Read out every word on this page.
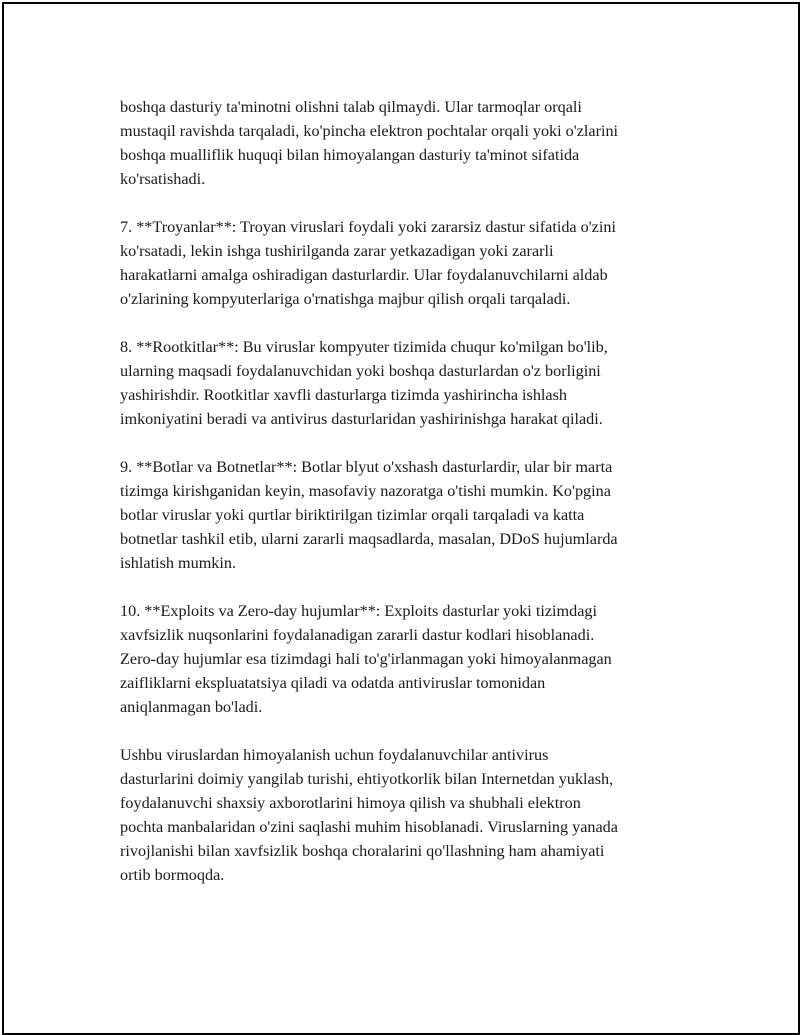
boshqa dasturiy ta'minotni olishni talab qilmaydi. Ular tarmoqlar orqali
mustaqil ravishda tarqaladi, ko'pincha elektron pochtalar orqali yoki o'zlarini
boshqa mualliflik huquqi bilan himoyalangan dasturiy ta'minot sifatida
ko'rsatishadi.

7. **Troyanlar**: Troyan viruslari foydali yoki zararsiz dastur sifatida o'zini
ko'rsatadi, lekin ishga tushirilganda zarar yetkazadigan yoki zararli
harakatlarni amalga oshiradigan dasturlardir. Ular foydalanuvchilarni aldab
o'zlarining kompyuterlariga o'rnatishga majbur qilish orqali tarqaladi.

8. **Rootkitlar**: Bu viruslar kompyuter tizimida chuqur ko'milgan bo'lib,
ularning maqsadi foydalanuvchidan yoki boshqa dasturlardan o'z borligini
yashirishdir. Rootkitlar xavfli dasturlarga tizimda yashirincha ishlash
imkoniyatini beradi va antivirus dasturlaridan yashirinishga harakat qiladi.

9. **Botlar va Botnetlar**: Botlar blyut o'xshash dasturlardir, ular bir marta
tizimga kirishganidan keyin, masofaviy nazoratga o'tishi mumkin. Ko'pgina
botlar viruslar yoki qurtlar biriktirilgan tizimlar orqali tarqaladi va katta
botnetlar tashkil etib, ularni zararli maqsadlarda, masalan, DDoS hujumlarda
ishlatish mumkin.

10. **Exploits va Zero-day hujumlar**: Exploits dasturlar yoki tizimdagi
xavfsizlik nuqsonlarini foydalanadigan zararli dastur kodlari hisoblanadi.
Zero-day hujumlar esa tizimdagi hali to'g'irlanmagan yoki himoyalanmagan
zaifliklarni ekspluatatsiya qiladi va odatda antiviruslar tomonidan
aniqlanmagan bo'ladi.

Ushbu viruslardan himoyalanish uchun foydalanuvchilar antivirus
dasturlarini doimiy yangilab turishi, ehtiyotkorlik bilan Internetdan yuklash,
foydalanuvchi shaxsiy axborotlarini himoya qilish va shubhali elektron
pochta manbalaridan o'zini saqlashi muhim hisoblanadi. Viruslarning yanada
rivojlanishi bilan xavfsizlik boshqa choralarini qo'llashning ham ahamiyati
ortib bormoqda.
